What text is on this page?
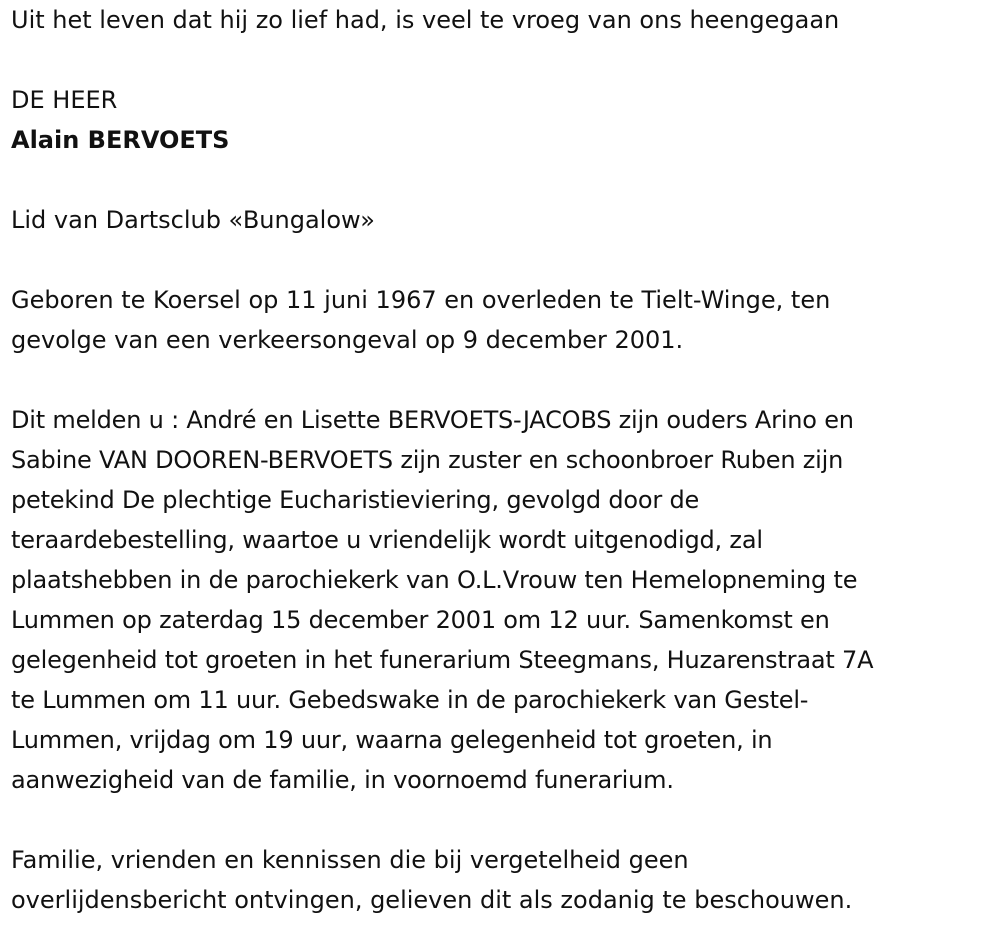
Uit het leven dat hij zo lief had, is veel te vroeg van ons heengegaan

DE HEER

Alain BERVOETS

Lid van Dartsclub «Bungalow»

Geboren te Koersel op 11 juni 1967 en overleden te Tielt-Winge, ten

gevolge van een verkeersongeval op 9 december 2001.

Dit melden u : André en Lisette BERVOETS-JACOBS zijn ouders Arino en

Sabine VAN DOOREN-BERVOETS zijn zuster en schoonbroer Ruben zijn

petekind De plechtige Eucharistieviering, gevolgd door de

teraardebestelling, waartoe u vriendelijk wordt uitgenodigd, zal

plaatshebben in de parochiekerk van O.L.Vrouw ten Hemelopneming te

Lummen op zaterdag 15 december 2001 om 12 uur. Samenkomst en

gelegenheid tot groeten in het funerarium Steegmans, Huzarenstraat 7A

te Lummen om 11 uur. Gebedswake in de parochiekerk van Gestel-

Lummen, vrijdag om 19 uur, waarna gelegenheid tot groeten, in

aanwezigheid van de familie, in voornoemd funerarium.

Familie, vrienden en kennissen die bij vergetelheid geen

overlijdensbericht ontvingen, gelieven dit als zodanig te beschouwen.
